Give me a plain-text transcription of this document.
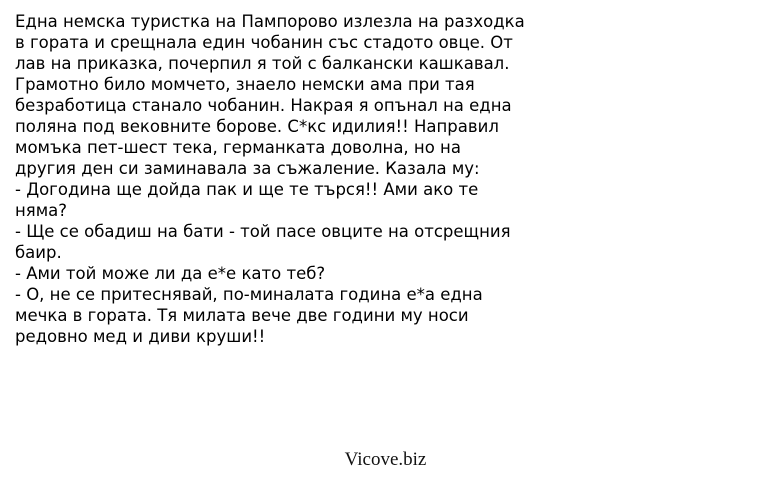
Една немска туристка на Пампорово излезла на разходка
в гората и срещнала един чобанин със стадото овце. От
лав на приказка, почерпил я той с балкански кашкавал.
Грамотно било момчето, знаело немски ама при тая
безработица станало чобанин. Накрая я опънал на една
поляна под вековните борове. С*кс идилия!! Направил
момъка пет-шест тека, германката доволна, но на
другия ден си заминавала за съжаление. Казала му:
- Догодина ще дойда пак и ще те търся!! Ами ако те
няма?
- Ще се обадиш на бати - той пасе овците на отсрещния
баир.
- Ами той може ли да е*е като теб?
- О, не се притеснявай, по-миналата година е*а една
мечка в гората. Тя милата вече две години му носи
редовно мед и диви круши!!
Vicove.biz
